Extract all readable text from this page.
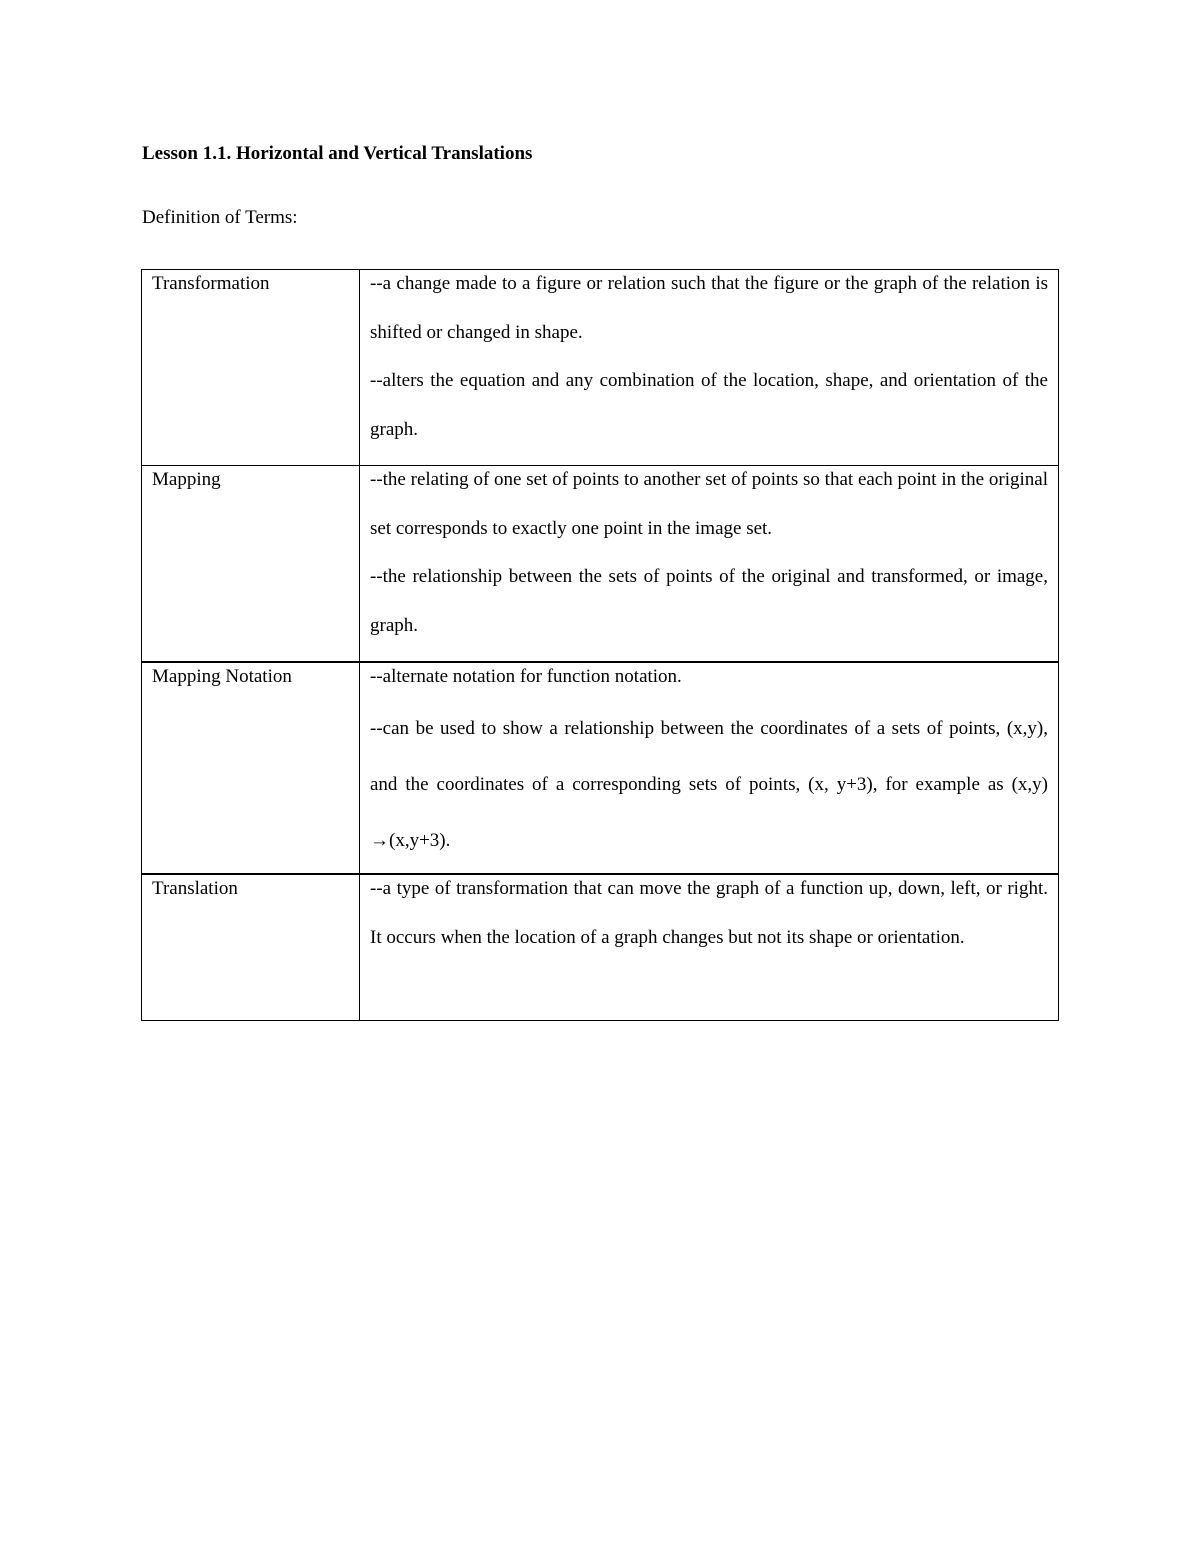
Lesson 1.1. Horizontal and Vertical Translations

Definition of Terms:

Transformation	--a change made to a figure or relation such that the figure or the graph of the relation is shifted or changed in shape.

--alters the equation and any combination of the location, shape, and orientation of the graph.

Mapping	--the relating of one set of points to another set of points so that each point in the original set corresponds to exactly one point in the image set.

--the relationship between the sets of points of the original and transformed, or image, graph.

Mapping Notation	--alternate notation for function notation.

--can be used to show a relationship between the coordinates of a sets of points, (x,y), and the coordinates of a corresponding sets of points, (x, y+3), for example as (x,y) →(x,y+3).

Translation	--a type of transformation that can move the graph of a function up, down, left, or right. It occurs when the location of a graph changes but not its shape or orientation.
